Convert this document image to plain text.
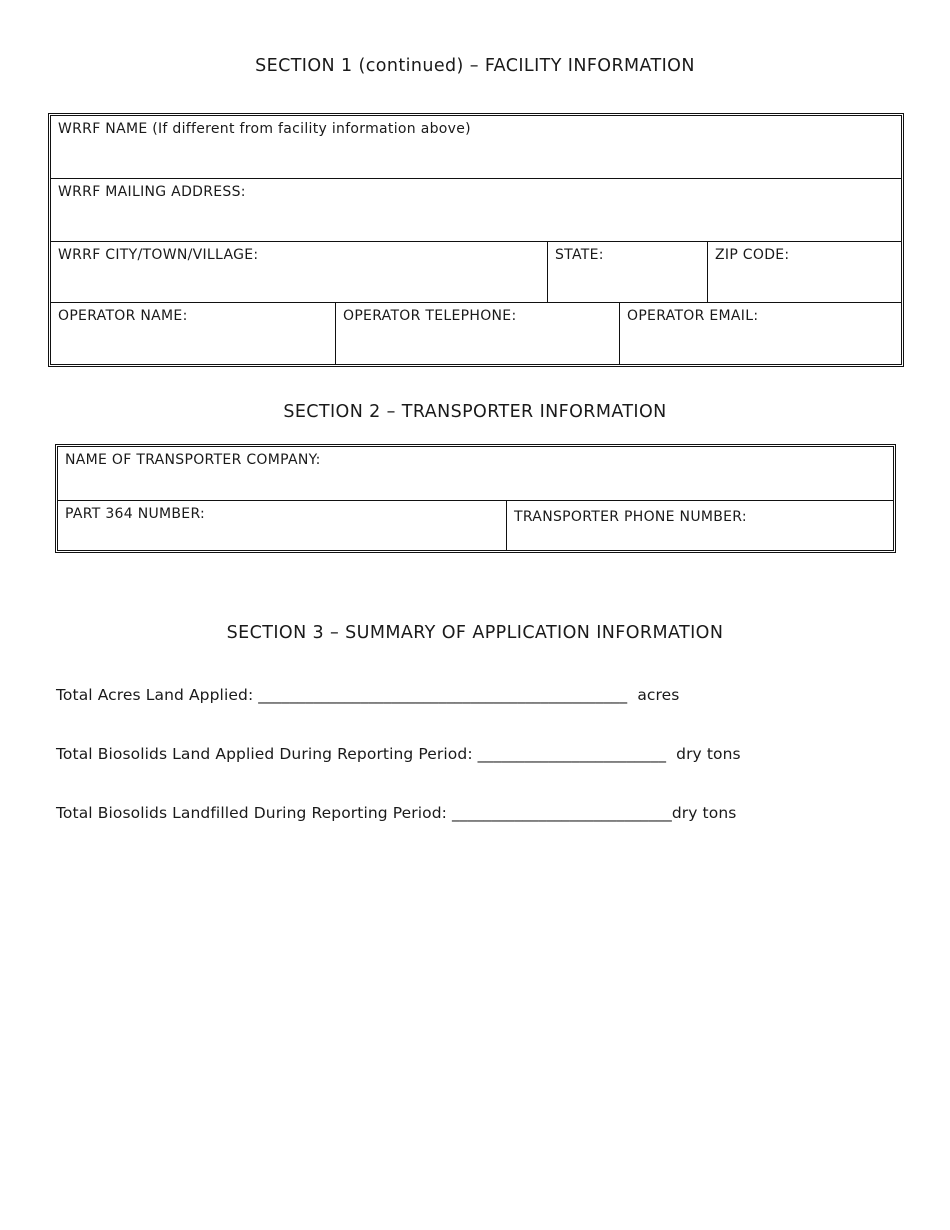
SECTION 1 (continued) – FACILITY INFORMATION
WRRF NAME (If different from facility information above)
WRRF MAILING ADDRESS:
WRRF CITY/TOWN/VILLAGE:	STATE:	ZIP CODE:
OPERATOR NAME:	OPERATOR TELEPHONE:	OPERATOR EMAIL:
SECTION 2 – TRANSPORTER INFORMATION
NAME OF TRANSPORTER COMPANY:
PART 364 NUMBER:	TRANSPORTER PHONE NUMBER:
SECTION 3 – SUMMARY OF APPLICATION INFORMATION

Total Acres Land Applied: _______________________________________________ acres

Total Biosolids Land Applied During Reporting Period: ________________________ dry tons

Total Biosolids Landfilled During Reporting Period: ____________________________dry tons
